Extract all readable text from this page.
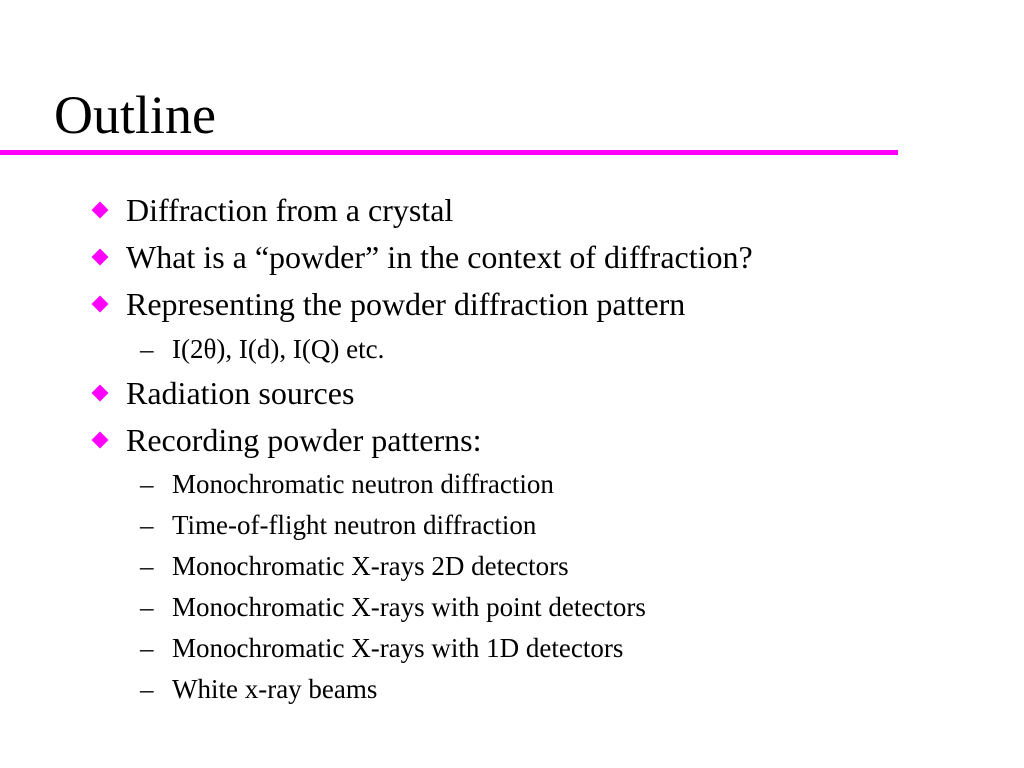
Outline
Diffraction from a crystal
What is a “powder” in the context of diffraction?
Representing the powder diffraction pattern
– I(2θ), I(d), I(Q) etc.
Radiation sources
Recording powder patterns:
– Monochromatic neutron diffraction
– Time-of-flight neutron diffraction
– Monochromatic X-rays 2D detectors
– Monochromatic X-rays with point detectors
– Monochromatic X-rays with 1D detectors
– White x-ray beams
